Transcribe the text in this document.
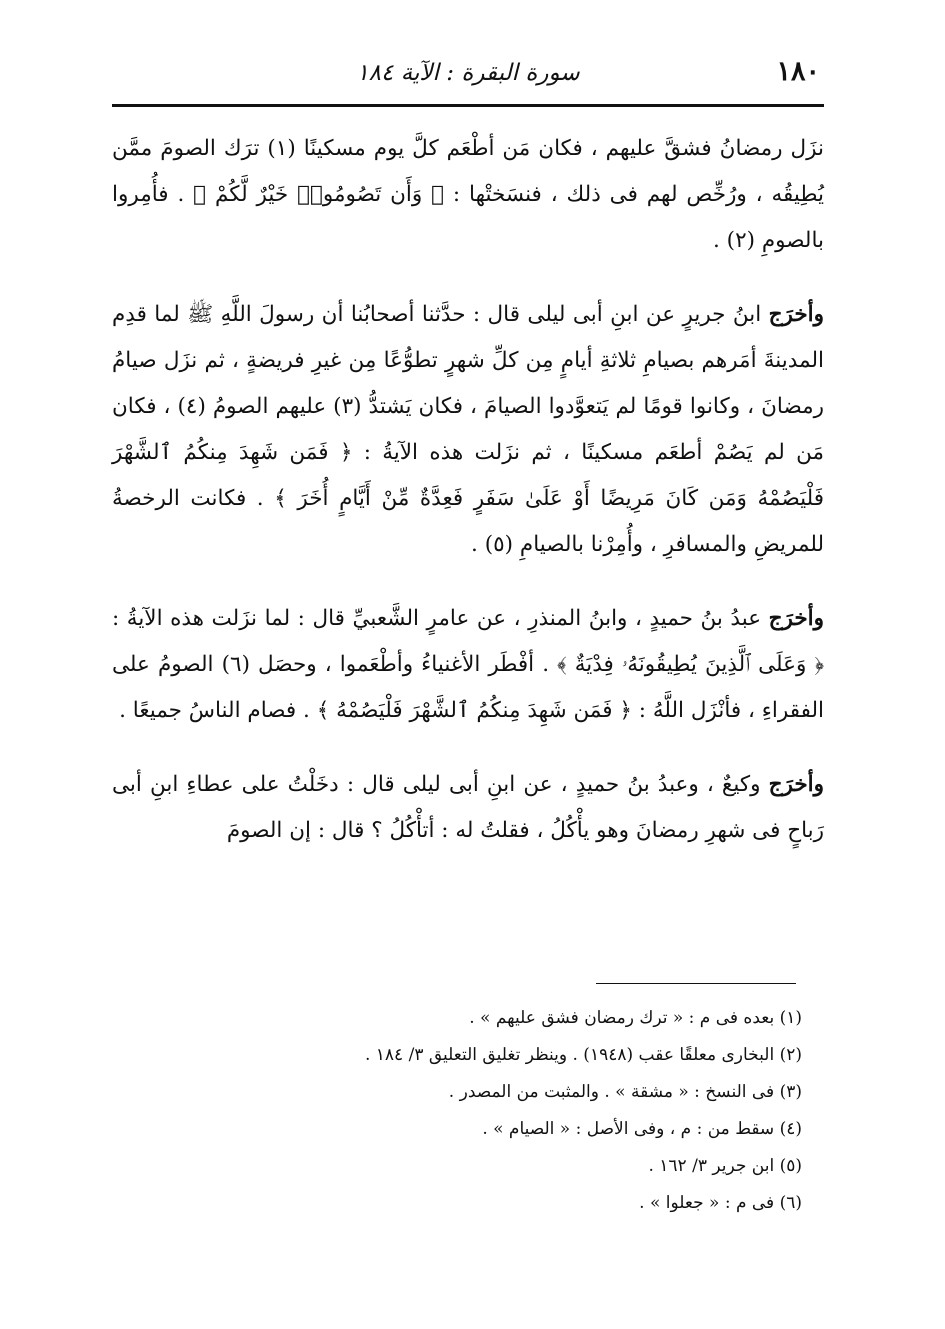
١٨٠
سورة البقرة : الآية ١٨٤

نزَل رمضانُ فشقَّ عليهم ، فكان مَن أطْعَم كلَّ يوم مسكينًا (١) ترَك الصومَ ممَّن يُطِيقُه ، ورُخِّص لهم فى ذلك ، فنسَختْها : ﴿ وَأَن تَصُومُوا۟ خَيْرٌ لَّكُمْ ﴾ . فأُمِروا بالصومِ (٢) .

وأخرَج ابنُ جريرٍ عن ابنِ أبى ليلى قال : حدَّثنا أصحابُنا أن رسولَ اللَّهِ ﷺ لما قدِم المدينةَ أمَرهم بصيامِ ثلاثةِ أيامٍ مِن كلِّ شهرٍ تطوُّعًا مِن غيرِ فريضةٍ ، ثم نزَل صيامُ رمضانَ ، وكانوا قومًا لم يَتعوَّدوا الصيامَ ، فكان يَشتدُّ (٣) عليهم الصومُ (٤) ، فكان مَن لم يَصُمْ أطعَم مسكينًا ، ثم نزَلت هذه الآيةُ : ﴿ فَمَن شَهِدَ مِنكُمُ ٱلشَّهْرَ فَلْيَصُمْهُ وَمَن كَانَ مَرِيضًا أَوْ عَلَىٰ سَفَرٍ فَعِدَّةٌ مِّنْ أَيَّامٍ أُخَرَ ﴾ . فكانت الرخصةُ للمريضِ والمسافرِ ، وأُمِرْنا بالصيامِ (٥) .

وأخرَج عبدُ بنُ حميدٍ ، وابنُ المنذرِ ، عن عامرٍ الشَّعبيِّ قال : لما نزَلت هذه الآيةُ : ﴿ وَعَلَى ٱلَّذِينَ يُطِيقُونَهُۥ فِدْيَةٌ ﴾ . أفْطَر الأغنياءُ وأطْعَموا ، وحصَل (٦) الصومُ على الفقراءِ ، فأنْزَل اللَّهُ : ﴿ فَمَن شَهِدَ مِنكُمُ ٱلشَّهْرَ فَلْيَصُمْهُ ﴾ . فصام الناسُ جميعًا .

وأخرَج وكيعٌ ، وعبدُ بنُ حميدٍ ، عن ابنِ أبى ليلى قال : دخَلْتُ على عطاءِ ابنِ أبى رَباحٍ فى شهرِ رمضانَ وهو يأْكُلُ ، فقلتُ له : أتأْكُلُ ؟ قال : إن الصومَ

(١) بعده فى م : « ترك رمضان فشق عليهم » .
(٢) البخارى معلقًا عقب (١٩٤٨) . وينظر تغليق التعليق ٣/ ١٨٤ .
(٣) فى النسخ : « مشقة » . والمثبت من المصدر .
(٤) سقط من : م ، وفى الأصل : « الصيام » .
(٥) ابن جرير ٣/ ١٦٢ .
(٦) فى م : « جعلوا » .
